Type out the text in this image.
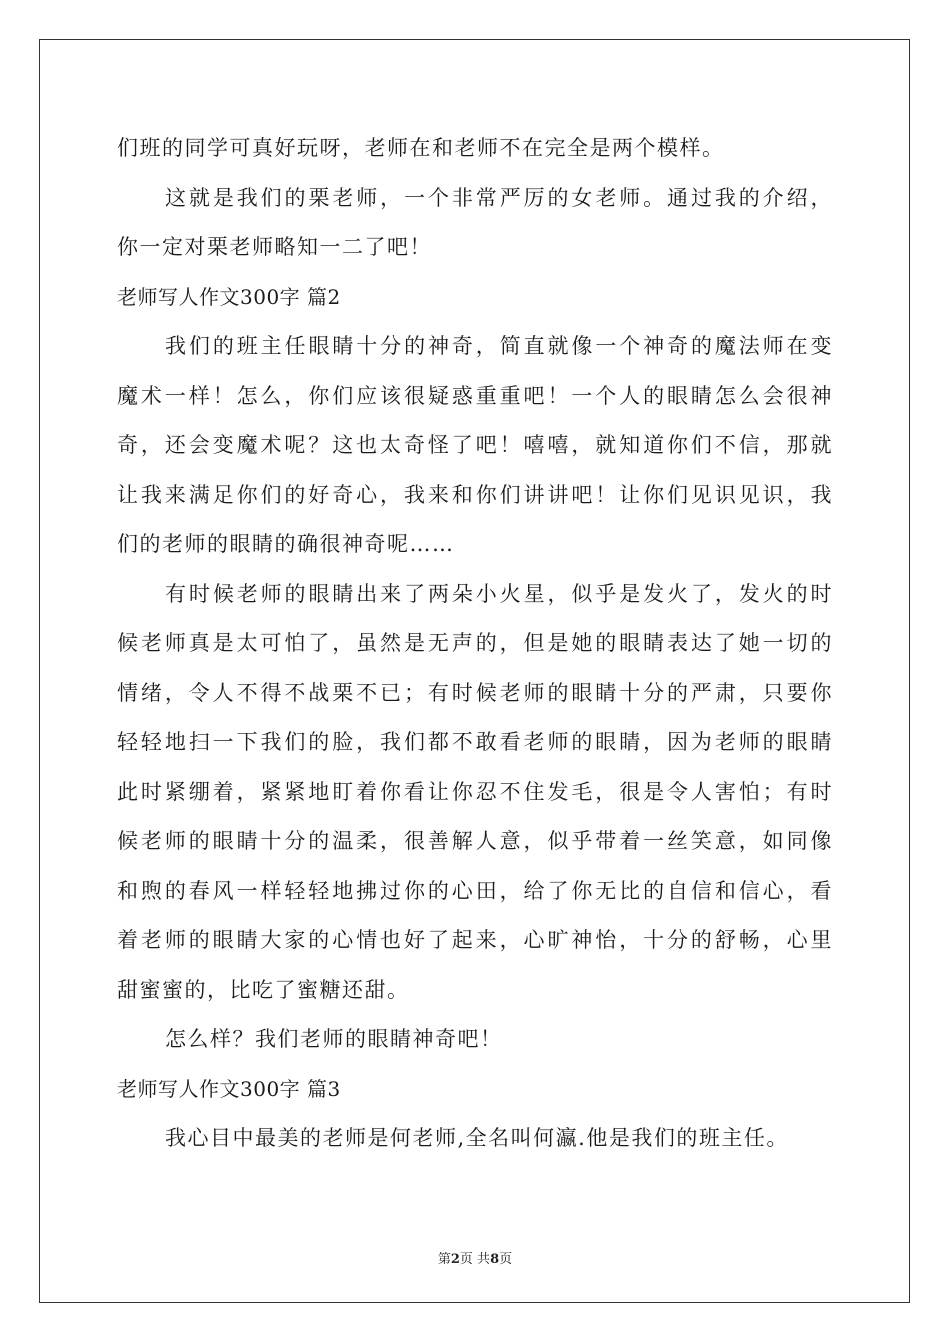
们班的同学可真好玩呀，老师在和老师不在完全是两个模样。
这就是我们的栗老师，一个非常严厉的女老师。通过我的介绍，
你一定对栗老师略知一二了吧！
老师写人作文300字 篇2
我们的班主任眼睛十分的神奇，简直就像一个神奇的魔法师在变
魔术一样！怎么，你们应该很疑惑重重吧！一个人的眼睛怎么会很神
奇，还会变魔术呢？这也太奇怪了吧！嘻嘻，就知道你们不信，那就
让我来满足你们的好奇心，我来和你们讲讲吧！让你们见识见识，我
们的老师的眼睛的确很神奇呢……
有时候老师的眼睛出来了两朵小火星，似乎是发火了，发火的时
候老师真是太可怕了，虽然是无声的，但是她的眼睛表达了她一切的
情绪，令人不得不战栗不已；有时候老师的眼睛十分的严肃，只要你
轻轻地扫一下我们的脸，我们都不敢看老师的眼睛，因为老师的眼睛
此时紧绷着，紧紧地盯着你看让你忍不住发毛，很是令人害怕；有时
候老师的眼睛十分的温柔，很善解人意，似乎带着一丝笑意，如同像
和煦的春风一样轻轻地拂过你的心田，给了你无比的自信和信心，看
着老师的眼睛大家的心情也好了起来，心旷神怡，十分的舒畅，心里
甜蜜蜜的，比吃了蜜糖还甜。
怎么样？我们老师的眼睛神奇吧！
老师写人作文300字 篇3
我心目中最美的老师是何老师,全名叫何瀛.他是我们的班主任。
第2页 共8页
